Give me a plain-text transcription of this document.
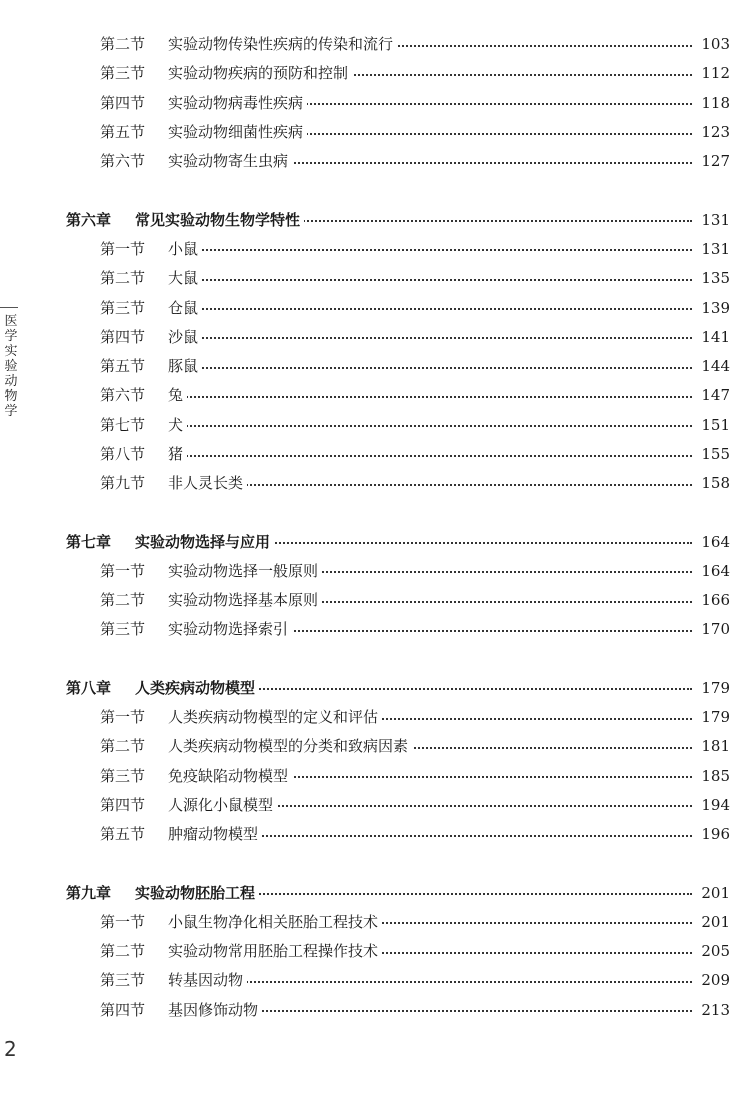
医学实验动物学
第二节 实验动物传染性疾病的传染和流行	103
第三节 实验动物疾病的预防和控制	112
第四节 实验动物病毒性疾病	118
第五节 实验动物细菌性疾病	123
第六节 实验动物寄生虫病	127
第六章 常见实验动物生物学特性	131
第一节 小鼠	131
第二节 大鼠	135
第三节 仓鼠	139
第四节 沙鼠	141
第五节 豚鼠	144
第六节 兔	147
第七节 犬	151
第八节 猪	155
第九节 非人灵长类	158
第七章 实验动物选择与应用	164
第一节 实验动物选择一般原则	164
第二节 实验动物选择基本原则	166
第三节 实验动物选择索引	170
第八章 人类疾病动物模型	179
第一节 人类疾病动物模型的定义和评估	179
第二节 人类疾病动物模型的分类和致病因素	181
第三节 免疫缺陷动物模型	185
第四节 人源化小鼠模型	194
第五节 肿瘤动物模型	196
第九章 实验动物胚胎工程	201
第一节 小鼠生物净化相关胚胎工程技术	201
第二节 实验动物常用胚胎工程操作技术	205
第三节 转基因动物	209
第四节 基因修饰动物	213
2
